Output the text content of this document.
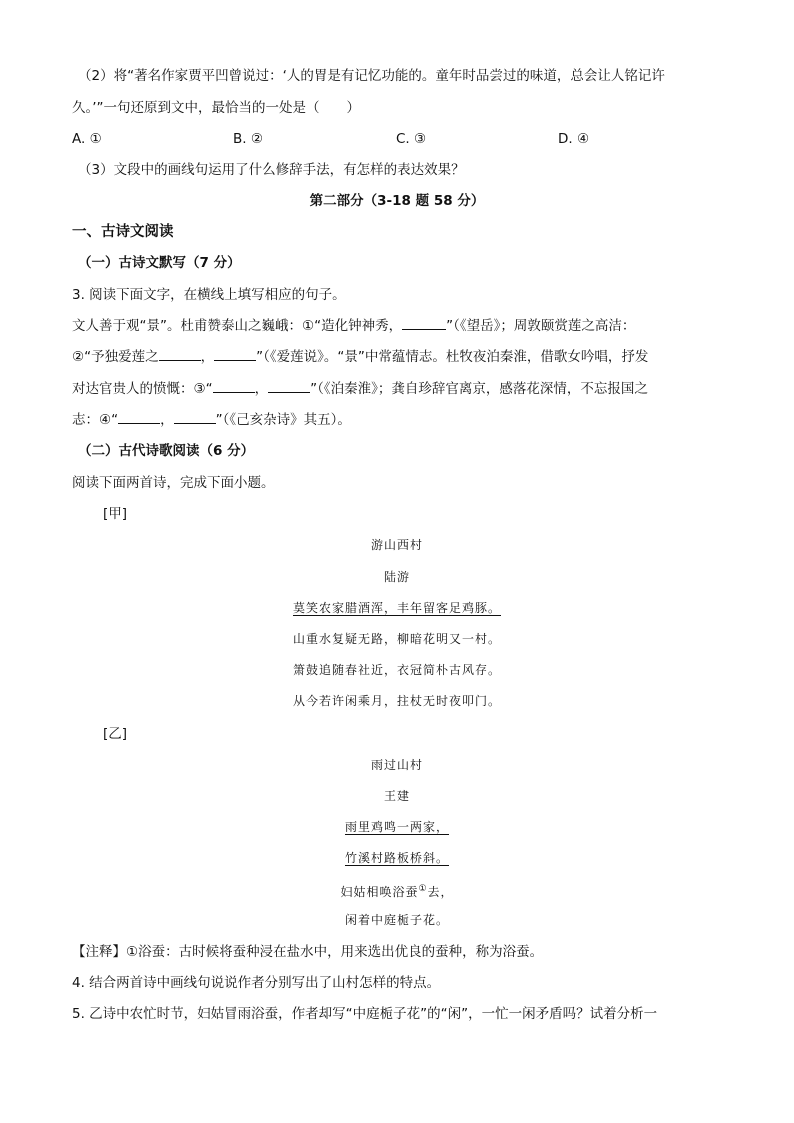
（2）将“著名作家贾平凹曾说过：‘人的胃是有记忆功能的。童年时品尝过的味道，总会让人铭记许
久。’”一句还原到文中，最恰当的一处是（　　）
A. ①	B. ②	C. ③	D. ④
（3）文段中的画线句运用了什么修辞手法，有怎样的表达效果？
第二部分（3-18 题 58 分）
一、古诗文阅读
（一）古诗文默写（7 分）
3. 阅读下面文字，在横线上填写相应的句子。
文人善于观“景”。杜甫赞泰山之巍峨：①“造化钟神秀，	”（《望岳》；周敦颐赏莲之高洁：
②“予独爱莲之	，	”（《爱莲说》。“景”中常蕴情志。杜牧夜泊秦淮，借歌女吟唱，抒发
对达官贵人的愤慨：③“	，	”（《泊秦淮》；龚自珍辞官离京，感落花深情，不忘报国之
志：④“	，	”（《己亥杂诗》其五）。
（二）古代诗歌阅读（6 分）
阅读下面两首诗，完成下面小题。
[甲]
游山西村
陆游
莫笑农家腊酒浑，丰年留客足鸡豚。
山重水复疑无路，柳暗花明又一村。
箫鼓追随春社近，衣冠简朴古风存。
从今若许闲乘月，拄杖无时夜叩门。
[乙]
雨过山村
王建
雨里鸡鸣一两家，
竹溪村路板桥斜。
妇姑相唤浴蚕①去，
闲着中庭栀子花。
【注释】①浴蚕：古时候将蚕种浸在盐水中，用来选出优良的蚕种，称为浴蚕。
4. 结合两首诗中画线句说说作者分别写出了山村怎样的特点。
5. 乙诗中农忙时节，妇姑冒雨浴蚕，作者却写“中庭栀子花”的“闲”，一忙一闲矛盾吗？试着分析一
